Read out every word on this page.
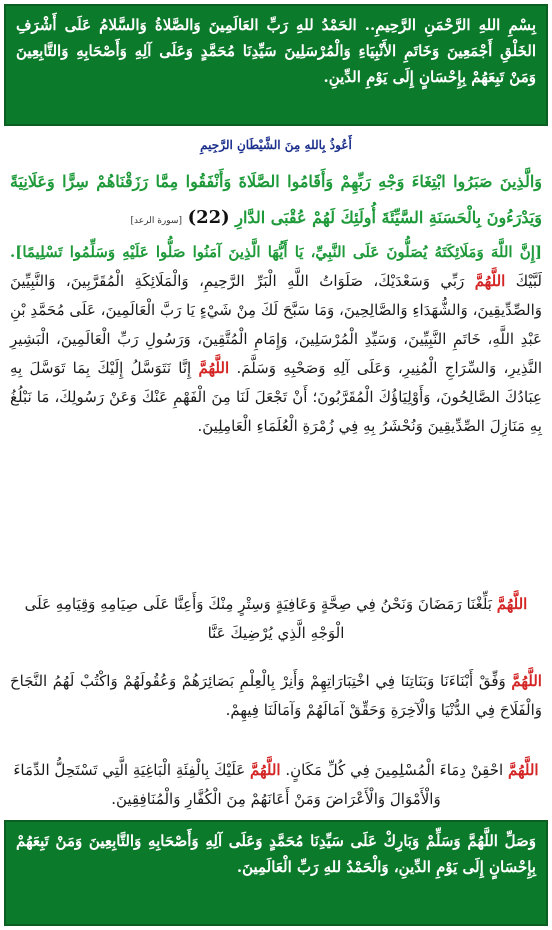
بِسْمِ اللهِ الرَّحْمَنِ الرَّحِيمِ.. الحَمْدُ للهِ رَبِّ العَالَمِينَ وَالصَّلاةُ وَالسَّلامُ عَلَى أَشْرَفِ الخَلْقِ أَجْمَعِينَ وَخَاتَمِ الأَنْبِيَاءِ وَالْمُرْسَلِينَ سَيِّدِنَا مُحَمَّدٍ وَعَلَى آلِهِ وَأَصْحَابِهِ وَالتَّابِعِينَ وَمَنْ تَبِعَهُمْ بِإِحْسَانٍ إِلَى يَوْمِ الدِّينِ.
أَعُوذُ بِاللهِ مِنَ الشَّيْطَانِ الرَّجِيمِ
وَالَّذِينَ صَبَرُوا ابْتِغَاءَ وَجْهِ رَبِّهِمْ وَأَقَامُوا الصَّلَاةَ وَأَنْفَقُوا مِمَّا رَزَقْنَاهُمْ سِرًّا وَعَلَانِيَةً وَيَدْرَءُونَ بِالْحَسَنَةِ السَّيِّئَةَ أُولَئِكَ لَهُمْ عُقْبَى الدَّارِ (22) [سورة الرعد]
[إِنَّ اللَّهَ وَمَلَائِكَتَهُ يُصَلُّونَ عَلَى النَّبِيِّ، يَا أَيُّهَا الَّذِينَ آمَنُوا صَلُّوا عَلَيْهِ وَسَلِّمُوا تَسْلِيمًا]. لَبَّيْكَ اللَّهُمَّ رَبِّي وَسَعْدَيْكَ، صَلَوَاتُ اللَّهِ الْبَرِّ الرَّحِيمِ، وَالْمَلَائِكَةِ الْمُقَرَّبِينَ، وَالنَّبِيِّينَ وَالصِّدِّيقِينَ، وَالشُّهَدَاءِ وَالصَّالِحِينَ، وَمَا سَبَّحَ لَكَ مِنْ شَيْءٍ يَا رَبَّ الْعَالَمِينَ، عَلَى مُحَمَّدِ بْنِ عَبْدِ اللَّهِ، خَاتَمِ النَّبِيِّينَ، وَسَيِّدِ الْمُرْسَلِينَ، وَإِمَامِ الْمُتَّقِينَ، وَرَسُولِ رَبِّ الْعَالَمِينَ، الْبَشِيرِ النَّذِيرِ، وَالسِّرَاجِ الْمُنِيرِ، وَعَلَى آلِهِ وَصَحْبِهِ وَسَلَّمَ. اللَّهُمَّ إِنَّا نَتَوَسَّلُ إِلَيْكَ بِمَا تَوَسَّلَ بِهِ عِبَادُكَ الصَّالِحُونَ، وَأَوْلِيَاؤُكَ الْمُقَرَّبُونَ؛ أَنْ تَجْعَلَ لَنَا مِنَ الْفَهْمِ عَنْكَ وَعَنْ رَسُولِكَ، مَا نَبْلُغُ بِهِ مَنَازِلَ الصِّدِّيقِينَ وَنُحْشَرُ بِهِ فِي زُمْرَةِ الْعُلَمَاءِ الْعَامِلِينَ.
اللَّهُمَّ بَلِّغْنَا رَمَضَانَ وَنَحْنُ فِي صِحَّةٍ وَعَافِيَةٍ وَسِتْرٍ مِنْكَ وَأَعِنَّا عَلَى صِيَامِهِ وَقِيَامِهِ عَلَى الْوَجْهِ الَّذِي يُرْضِيكَ عَنَّا
اللَّهُمَّ وَفِّقْ أَبْنَاءَنَا وَبَنَاتِنَا فِي اخْتِبَارَاتِهِمْ وَأَنِرْ بِالْعِلْمِ بَصَائِرَهُمْ وَعُقُولَهُمْ وَاكْتُبْ لَهُمُ النَّجَاحَ وَالْفَلَاحَ فِي الدُّنْيَا وَالْآخِرَةِ وَحَقِّقْ آمَالَهُمْ وَآمَالَنَا فِيهِمْ.
اللَّهُمَّ احْقِنْ دِمَاءَ الْمُسْلِمِينَ فِي كُلِّ مَكَانٍ. اللَّهُمَّ عَلَيْكَ بِالْفِئَةِ الْبَاغِيَةِ الَّتِي تَسْتَحِلُّ الدِّمَاءَ وَالْأَمْوَالَ وَالْأَعْرَاضَ وَمَنْ أَعَانَهُمْ مِنَ الْكُفَّارِ وَالْمُنَافِقِينَ.
وَصَلِّ اللَّهُمَّ وَسَلِّمْ وَبَارِكْ عَلَى سَيِّدِنَا مُحَمَّدٍ وَعَلَى آلِهِ وَأَصْحَابِهِ وَالتَّابِعِينَ وَمَنْ تَبِعَهُمْ بِإِحْسَانٍ إِلَى يَوْمِ الدِّينِ، وَالْحَمْدُ للهِ رَبِّ الْعَالَمِينَ.
